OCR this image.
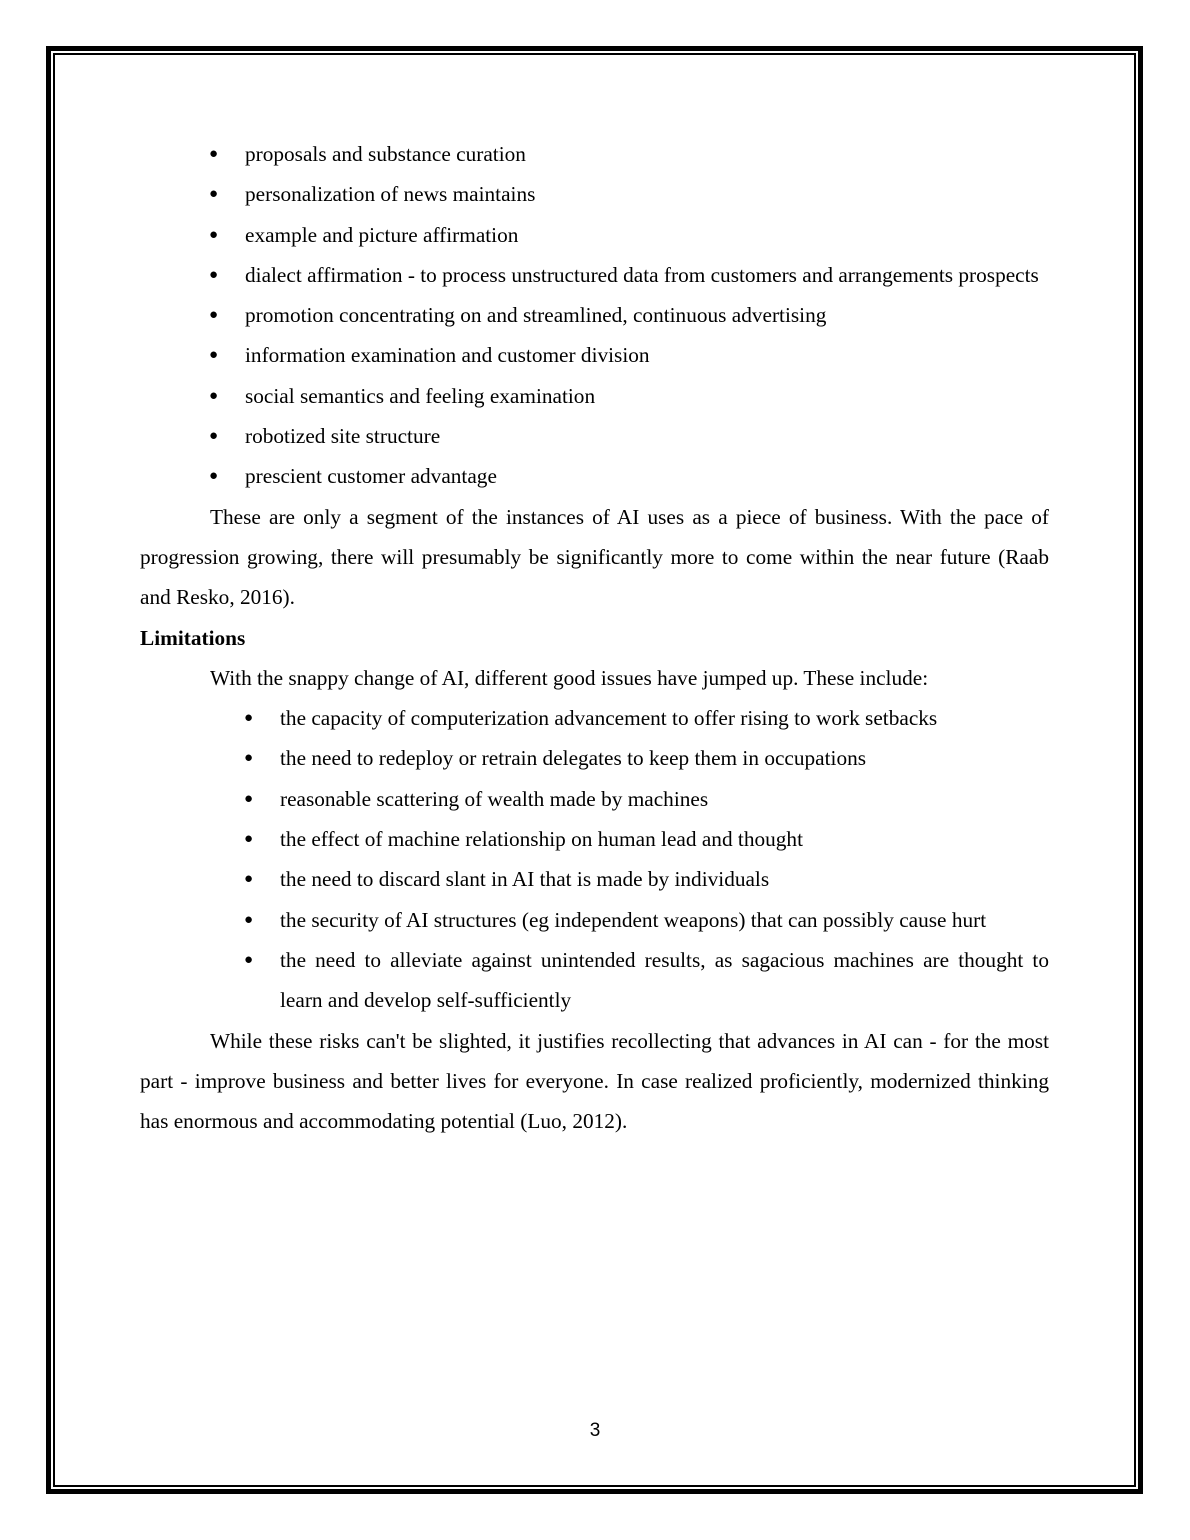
● proposals and substance curation
● personalization of news maintains
● example and picture affirmation
● dialect affirmation - to process unstructured data from customers and arrangements prospects
● promotion concentrating on and streamlined, continuous advertising
● information examination and customer division
● social semantics and feeling examination
● robotized site structure
● prescient customer advantage

These are only a segment of the instances of AI uses as a piece of business. With the pace of progression growing, there will presumably be significantly more to come within the near future (Raab and Resko, 2016).

Limitations

With the snappy change of AI, different good issues have jumped up. These include:

● the capacity of computerization advancement to offer rising to work setbacks
● the need to redeploy or retrain delegates to keep them in occupations
● reasonable scattering of wealth made by machines
● the effect of machine relationship on human lead and thought
● the need to discard slant in AI that is made by individuals
● the security of AI structures (eg independent weapons) that can possibly cause hurt
● the need to alleviate against unintended results, as sagacious machines are thought to learn and develop self-sufficiently

While these risks can't be slighted, it justifies recollecting that advances in AI can - for the most part - improve business and better lives for everyone. In case realized proficiently, modernized thinking has enormous and accommodating potential (Luo, 2012).

3
